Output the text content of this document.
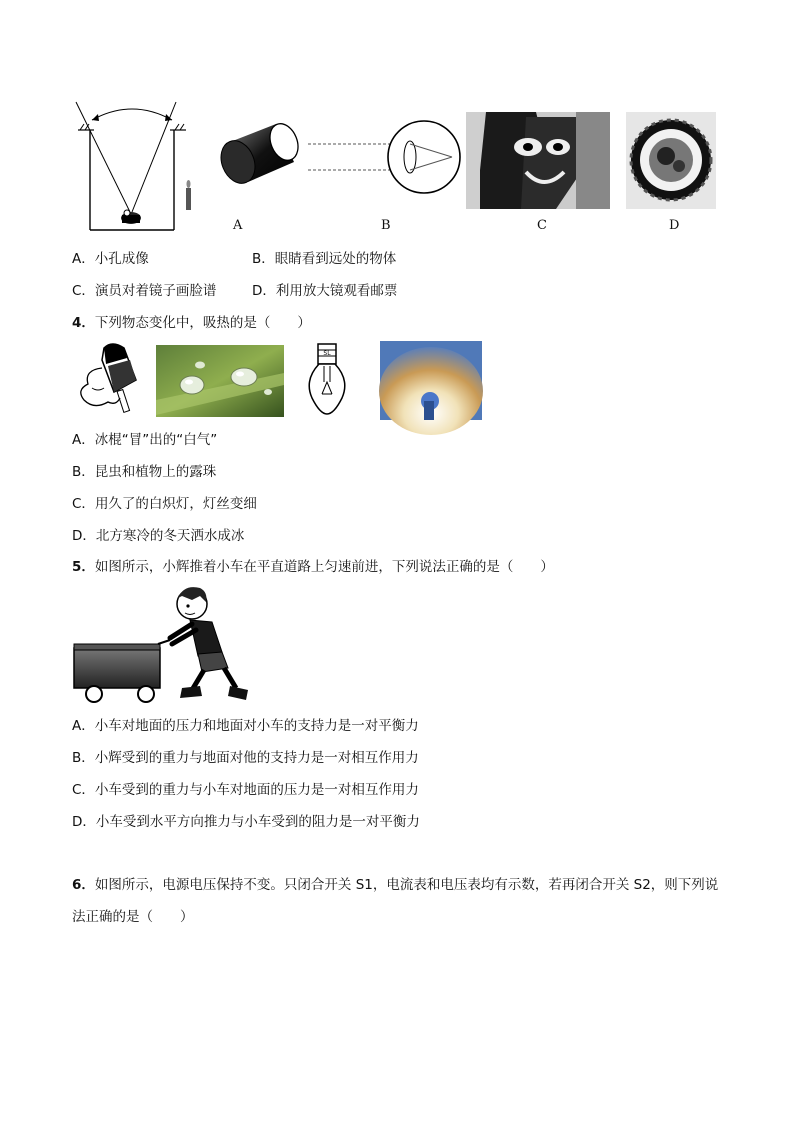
A	B	C	D
A．小孔成像	B．眼睛看到远处的物体
C．演员对着镜子画脸谱	D．利用放大镜观看邮票
4．下列物态变化中，吸热的是（　　）
SL
A．冰棍“冒”出的“白气”
B．昆虫和植物上的露珠
C．用久了的白炽灯，灯丝变细
D．北方寒冷的冬天洒水成冰
5．如图所示，小辉推着小车在平直道路上匀速前进，下列说法正确的是（　　）
A．小车对地面的压力和地面对小车的支持力是一对平衡力
B．小辉受到的重力与地面对他的支持力是一对相互作用力
C．小车受到的重力与小车对地面的压力是一对相互作用力
D．小车受到水平方向推力与小车受到的阻力是一对平衡力
6．如图所示，电源电压保持不变。只闭合开关 S1，电流表和电压表均有示数，若再闭合开关 S2，则下列说
法正确的是（　　）
